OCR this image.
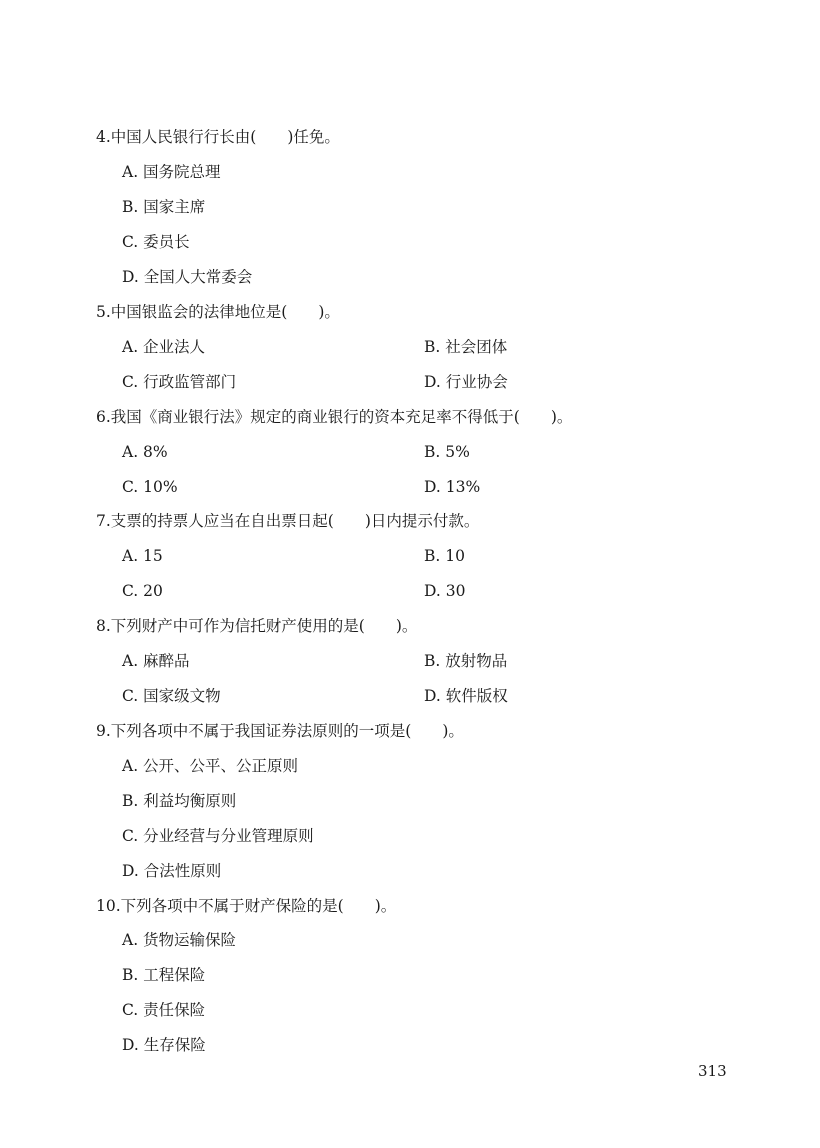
4.中国人民银行行长由(　　)任免。
A. 国务院总理
B. 国家主席
C. 委员长
D. 全国人大常委会
5.中国银监会的法律地位是(　　)。
A. 企业法人	B. 社会团体
C. 行政监管部门	D. 行业协会
6.我国《商业银行法》规定的商业银行的资本充足率不得低于(　　)。
A. 8%	B. 5%
C. 10%	D. 13%
7.支票的持票人应当在自出票日起(　　)日内提示付款。
A. 15	B. 10
C. 20	D. 30
8.下列财产中可作为信托财产使用的是(　　)。
A. 麻醉品	B. 放射物品
C. 国家级文物	D. 软件版权
9.下列各项中不属于我国证券法原则的一项是(　　)。
A. 公开、公平、公正原则
B. 利益均衡原则
C. 分业经营与分业管理原则
D. 合法性原则
10.下列各项中不属于财产保险的是(　　)。
A. 货物运输保险
B. 工程保险
C. 责任保险
D. 生存保险
313
